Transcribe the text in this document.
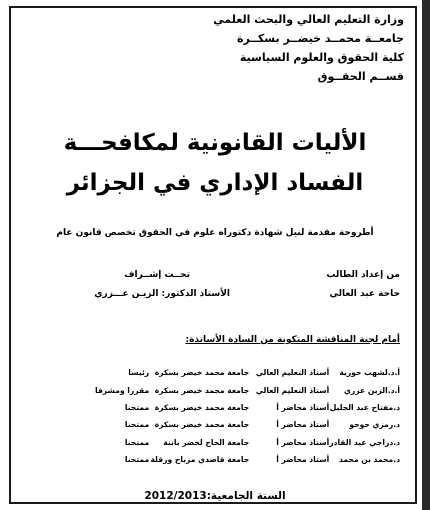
وزارة التعليم العالي والبحث العلمي
جامعــة محمــد خيضــر بسكــرة
كلية الحقوق والعلوم السياسية
قســم الحقــوق
الأليات القانونية لمكافحـــة
الفساد الإداري في الجزائر
أطروحة مقدمة لنيل شهادة دكتوراه علوم في الحقوق تخصص قانون عام
من إعداد الطالب
حاحة عبد العالي
تحــت إشــراف
الأستاذ الدكتور: الزيـن عـــزري
أمام لجنة المناقشة المتكونة من السادة الأساتذة:
أ.د.لشهب حورية	أستاذ التعليم العالي	جامعة محمد خيضر بسكرة	رئيسا
أ.د.الزين عزري	أستاذ التعليم العالي	جامعة محمد خيضر بسكرة	مقررا ومشرفا
د.مفتاح عبد الجليل	أستاذ محاضر أ	جامعة محمد خيضر بسكرة	ممتحنا
د.رمزي حوحو	أستاذ محاضر أ	جامعة محمد خيضر بسكرة	ممتحنا
د.دراجي عبد القادر	أستاذ محاضر أ	جامعة الحاج لخضر باتنة	ممتحنا
د.محمد بن محمد	أستاذ محاضر أ	جامعة قاصدي مرباح ورقلة	ممتحنا
السنة الجامعية:2012/2013
